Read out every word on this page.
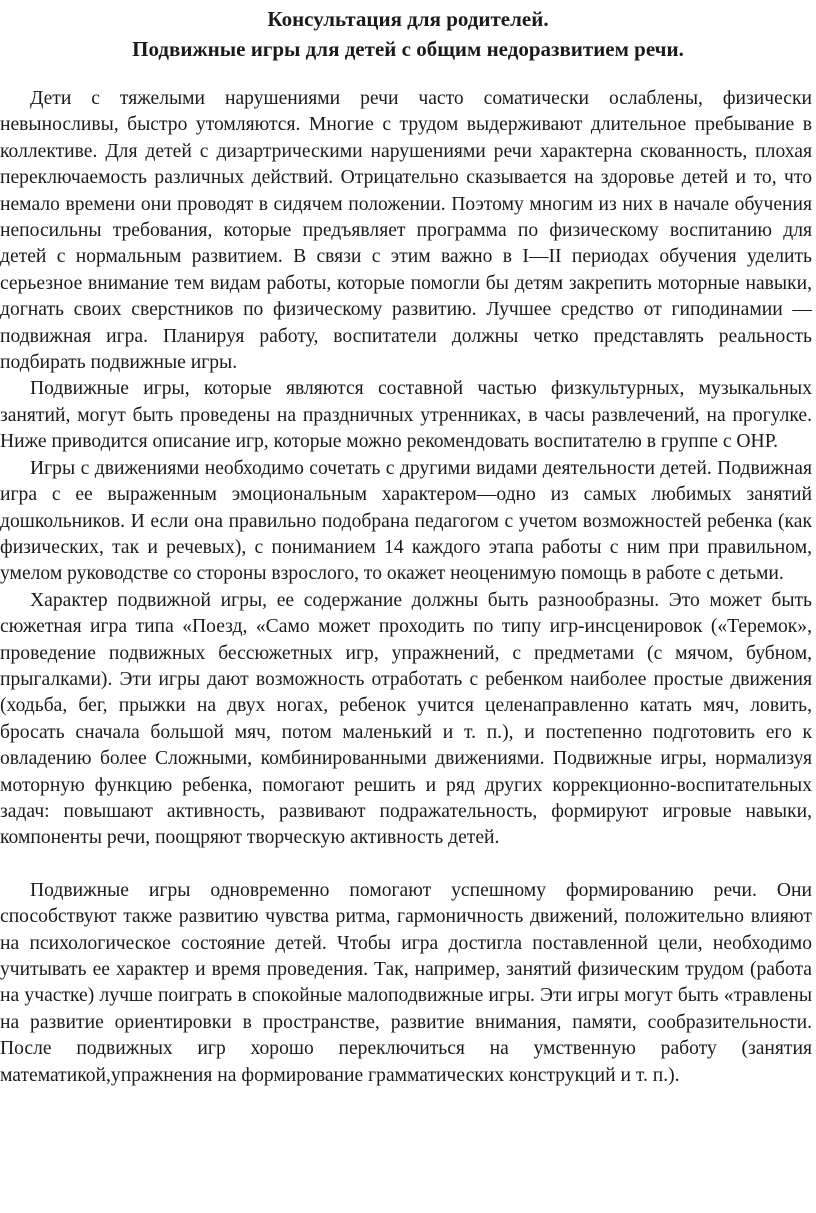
Консультация для родителей.
Подвижные игры для детей с общим недоразвитием речи.

Дети с тяжелыми нарушениями речи часто соматически ослаблены, физически невыносливы, быстро утомляются. Многие с трудом выдерживают длительное пребывание в коллективе. Для детей с дизартрическими нарушениями речи характерна скованность, плохая переключаемость различных действий. Отрицательно сказывается на здоровье детей и то, что немало времени они проводят в сидячем положении. Поэтому многим из них в начале обучения непосильны требования, которые предъявляет программа по физическому воспитанию для детей с нормальным развитием. В связи с этим важно в I—II периодах обучения уделить серьезное внимание тем видам работы, которые помогли бы детям закрепить моторные навыки, догнать своих сверстников по физическому развитию. Лучшее средство от гиподинамии — подвижная игра. Планируя работу, воспитатели должны четко представлять реальность подбирать подвижные игры.

Подвижные игры, которые являются составной частью физкультурных, музыкальных занятий, могут быть проведены на праздничных утренниках, в часы развлечений, на прогулке. Ниже приводится описание игр, которые можно рекомендовать воспитателю в группе с ОНР.

Игры с движениями необходимо сочетать с другими видами деятельности детей. Подвижная игра с ее выраженным эмоциональным характером—одно из самых любимых занятий дошкольников. И если она правильно подобрана педагогом с учетом возможностей ребенка (как физических, так и речевых), с пониманием 14 каждого этапа работы с ним при правильном, умелом руководстве со стороны взрослого, то окажет неоценимую помощь в работе с детьми.

Характер подвижной игры, ее содержание должны быть разнообразны. Это может быть сюжетная игра типа «Поезд, «Само может проходить по типу игр-инсценировок («Теремок», проведение подвижных бессюжетных игр, упражнений, с предметами (с мячом, бубном, прыгалками). Эти игры дают возможность отработать с ребенком наиболее простые движения (ходьба, бег, прыжки на двух ногах, ребенок учится целенаправленно катать мяч, ловить, бросать сначала большой мяч, потом маленький и т. п.), и постепенно подготовить его к овладению более Сложными, комбинированными движениями. Подвижные игры, нормализуя моторную функцию ребенка, помогают решить и ряд других коррекционно-воспитательных задач: повышают активность, развивают подражательность, формируют игровые навыки, компоненты речи, поощряют творческую активность детей.

Подвижные игры одновременно помогают успешному формированию речи. Они способствуют также развитию чувства ритма, гармоничность движений, положительно влияют на психологическое состояние детей. Чтобы игра достигла поставленной цели, необходимо учитывать ее характер и время проведения. Так, например, занятий физическим трудом (работа на участке) лучше поиграть в спокойные малоподвижные игры. Эти игры могут быть «травлены на развитие ориентировки в пространстве, развитие внимания, памяти, сообразительности. После подвижных игр хорошо переключиться на умственную работу (занятия математикой,упражнения на формирование грамматических конструкций и т. п.).
